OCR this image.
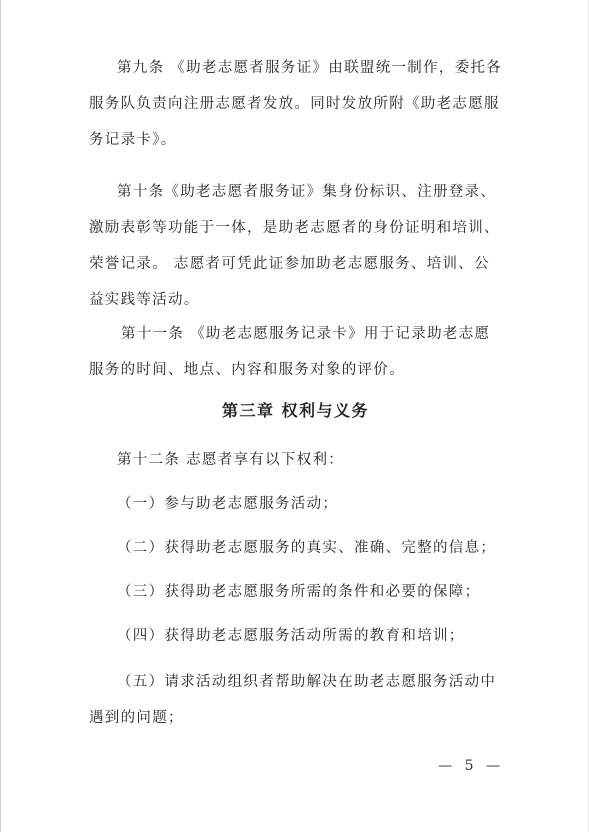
第九条 《助老志愿者服务证》由联盟统一制作，委托各
服务队负责向注册志愿者发放。同时发放所附《助老志愿服
务记录卡》。

第十条《助老志愿者服务证》集身份标识、注册登录、
激励表彰等功能于一体，是助老志愿者的身份证明和培训、
荣誉记录。 志愿者可凭此证参加助老志愿服务、培训、公
益实践等活动。

第十一条 《助老志愿服务记录卡》用于记录助老志愿
服务的时间、地点、内容和服务对象的评价。

第三章 权利与义务

第十二条 志愿者享有以下权利：

（一）参与助老志愿服务活动；

（二）获得助老志愿服务的真实、准确、完整的信息；

（三）获得助老志愿服务所需的条件和必要的保障；

（四）获得助老志愿服务活动所需的教育和培训；

（五）请求活动组织者帮助解决在助老志愿服务活动中
遇到的问题；

— 5 —
